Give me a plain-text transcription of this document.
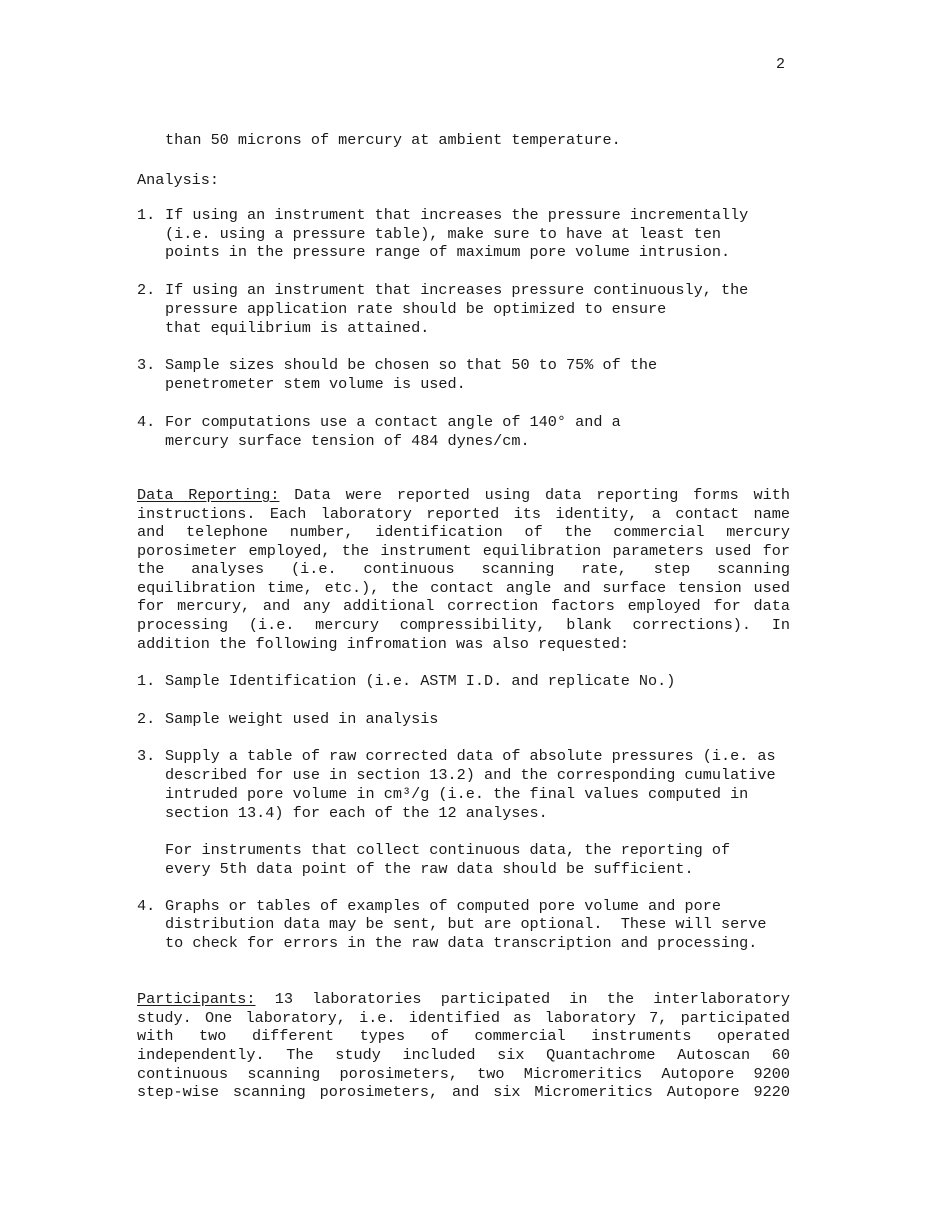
2
than 50 microns of mercury at ambient temperature.
Analysis:
1. If using an instrument that increases the pressure incrementally
(i.e. using a pressure table), make sure to have at least ten
points in the pressure range of maximum pore volume intrusion.
2. If using an instrument that increases pressure continuously, the
pressure application rate should be optimized to ensure
that equilibrium is attained.
3. Sample sizes should be chosen so that 50 to 75% of the
penetrometer stem volume is used.
4. For computations use a contact angle of 140° and a
mercury surface tension of 484 dynes/cm.
Data Reporting: Data were reported using data reporting forms with
instructions. Each laboratory reported its identity, a contact name
and telephone number, identification of the commercial mercury
porosimeter employed, the instrument equilibration parameters used for
the analyses (i.e. continuous scanning rate, step scanning
equilibration time, etc.), the contact angle and surface tension used
for mercury, and any additional correction factors employed for data
processing (i.e. mercury compressibility, blank corrections). In
addition the following infromation was also requested:
1. Sample Identification (i.e. ASTM I.D. and replicate No.)
2. Sample weight used in analysis
3. Supply a table of raw corrected data of absolute pressures (i.e. as
described for use in section 13.2) and the corresponding cumulative
intruded pore volume in cm³/g (i.e. the final values computed in
section 13.4) for each of the 12 analyses.
For instruments that collect continuous data, the reporting of
every 5th data point of the raw data should be sufficient.
4. Graphs or tables of examples of computed pore volume and pore
distribution data may be sent, but are optional.  These will serve
to check for errors in the raw data transcription and processing.
Participants: 13 laboratories participated in the interlaboratory
study. One laboratory, i.e. identified as laboratory 7, participated
with two different types of commercial instruments operated
independently. The study included six Quantachrome Autoscan 60
continuous scanning porosimeters, two Micromeritics Autopore 9200
step-wise scanning porosimeters, and six Micromeritics Autopore 9220
